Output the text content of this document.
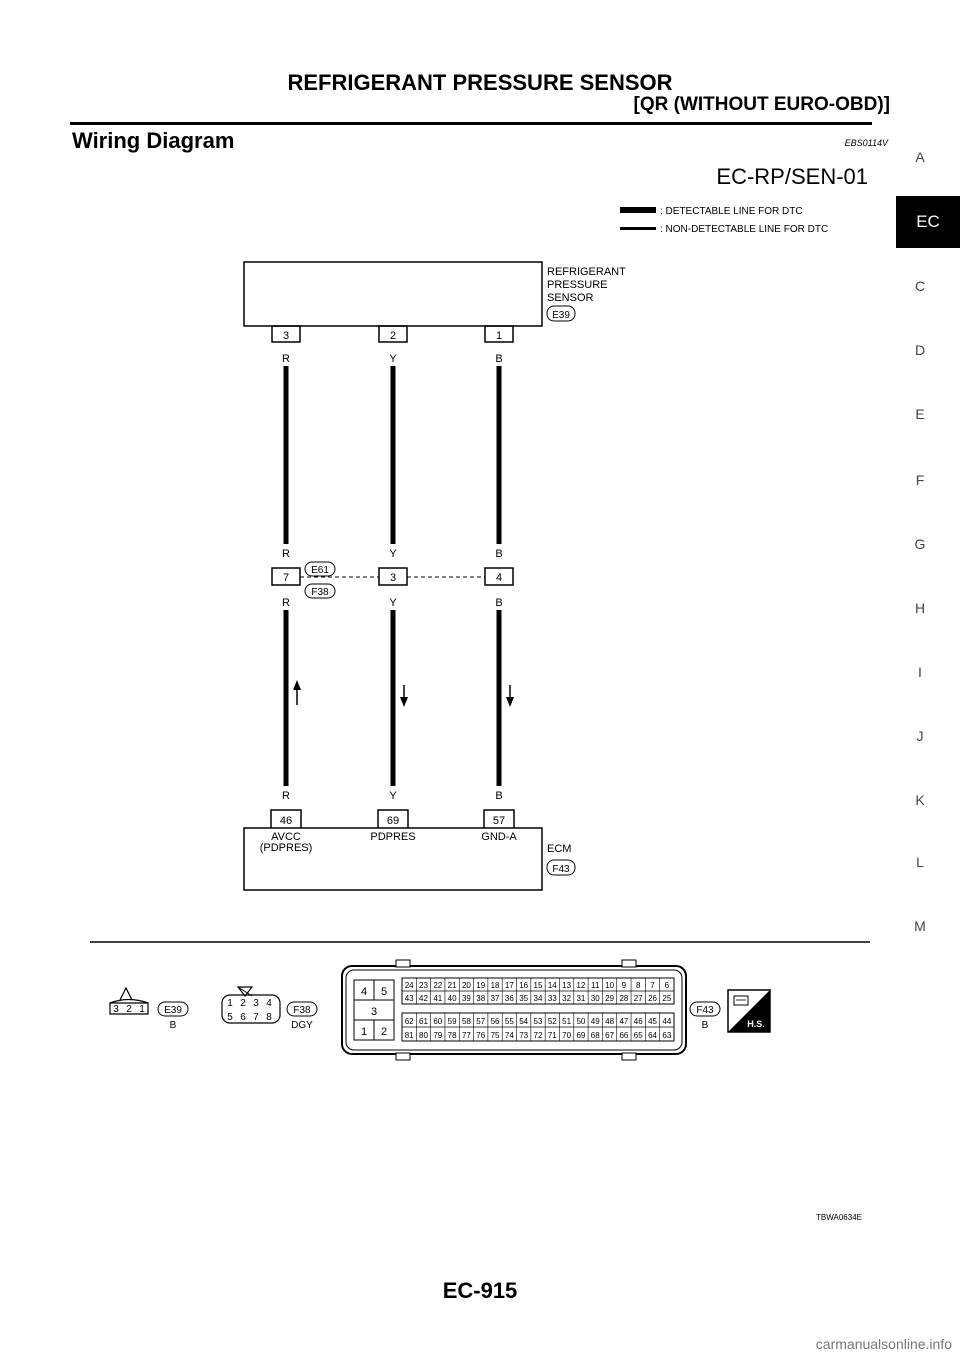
REFRIGERANT PRESSURE SENSOR
[QR (WITHOUT EURO-OBD)]
Wiring Diagram	EBS0114V
A
EC
C
D
E
F
G
H
I
J
K
L
M
EC-RP/SEN-01
: DETECTABLE LINE FOR DTC
: NON-DETECTABLE LINE FOR DTC
REFRIGERANT
PRESSURE
SENSOR
E39
3	2	1
R	Y	B
R	Y	B
7	3	4
E61
F38
R	Y	B
R	Y	B
46	69	57
AVCC
(PDPRES)
PDPRES	GND-A
ECM
F43
3 2 1 E39
B
1 2 3 4
5 6 7 8
F38
DGY
4 5
3
1 2
24 23 22 21 20 19 18 17 16 15 14 13 12 11 10 9 8 7 6
43 42 41 40 39 38 37 36 35 34 33 32 31 30 29 28 27 26 25
62 61 60 59 58 57 56 55 54 53 52 51 50 49 48 47 46 45 44
81 80 79 78 77 76 75 74 73 72 71 70 69 68 67 66 65 64 63
F43
B	H.S.
TBWA0634E
EC-915
carmanualsonline.info
